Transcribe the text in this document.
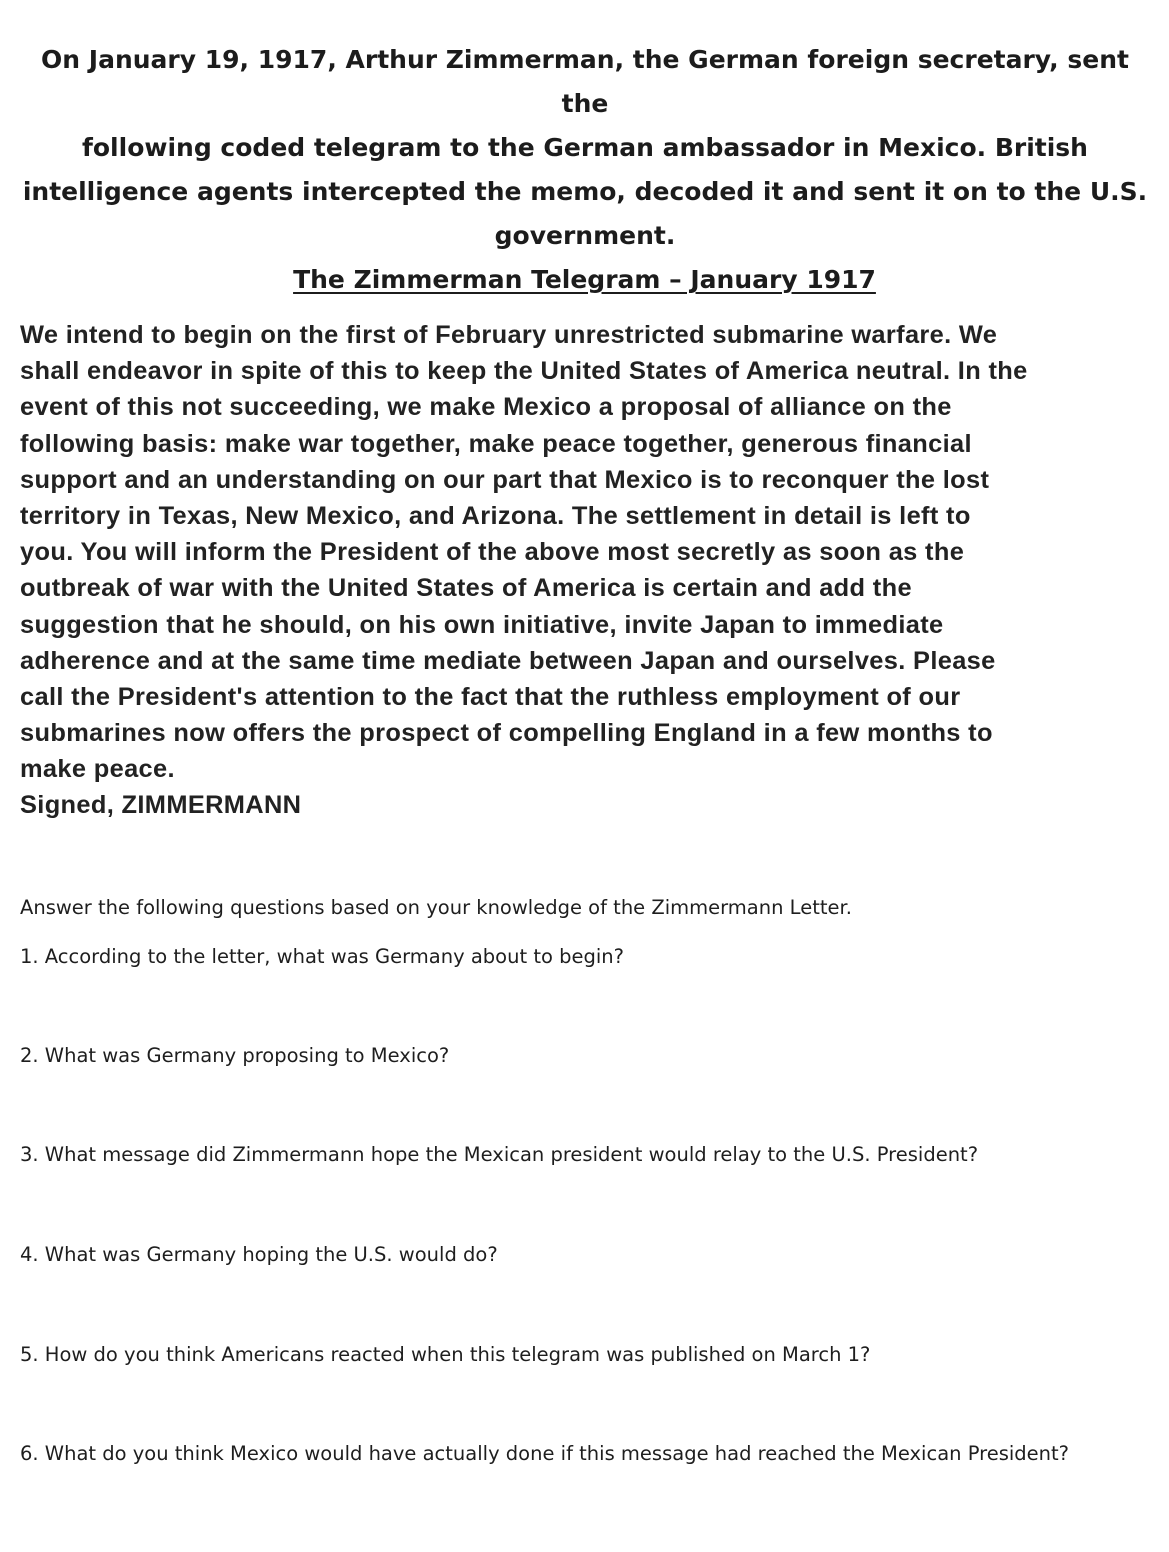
On January 19, 1917, Arthur Zimmerman, the German foreign secretary, sent the
following coded telegram to the German ambassador in Mexico. British
intelligence agents intercepted the memo, decoded it and sent it on to the U.S.
government.
The Zimmerman Telegram – January 1917
We intend to begin on the first of February unrestricted submarine warfare. We
shall endeavor in spite of this to keep the United States of America neutral. In the
event of this not succeeding, we make Mexico a proposal of alliance on the
following basis: make war together, make peace together, generous financial
support and an understanding on our part that Mexico is to reconquer the lost
territory in Texas, New Mexico, and Arizona. The settlement in detail is left to
you. You will inform the President of the above most secretly as soon as the
outbreak of war with the United States of America is certain and add the
suggestion that he should, on his own initiative, invite Japan to immediate
adherence and at the same time mediate between Japan and ourselves. Please
call the President's attention to the fact that the ruthless employment of our
submarines now offers the prospect of compelling England in a few months to
make peace.
Signed, ZIMMERMANN
Answer the following questions based on your knowledge of the Zimmermann Letter.
1. According to the letter, what was Germany about to begin?
2. What was Germany proposing to Mexico?
3. What message did Zimmermann hope the Mexican president would relay to the U.S. President?
4. What was Germany hoping the U.S. would do?
5. How do you think Americans reacted when this telegram was published on March 1?
6. What do you think Mexico would have actually done if this message had reached the Mexican President?
